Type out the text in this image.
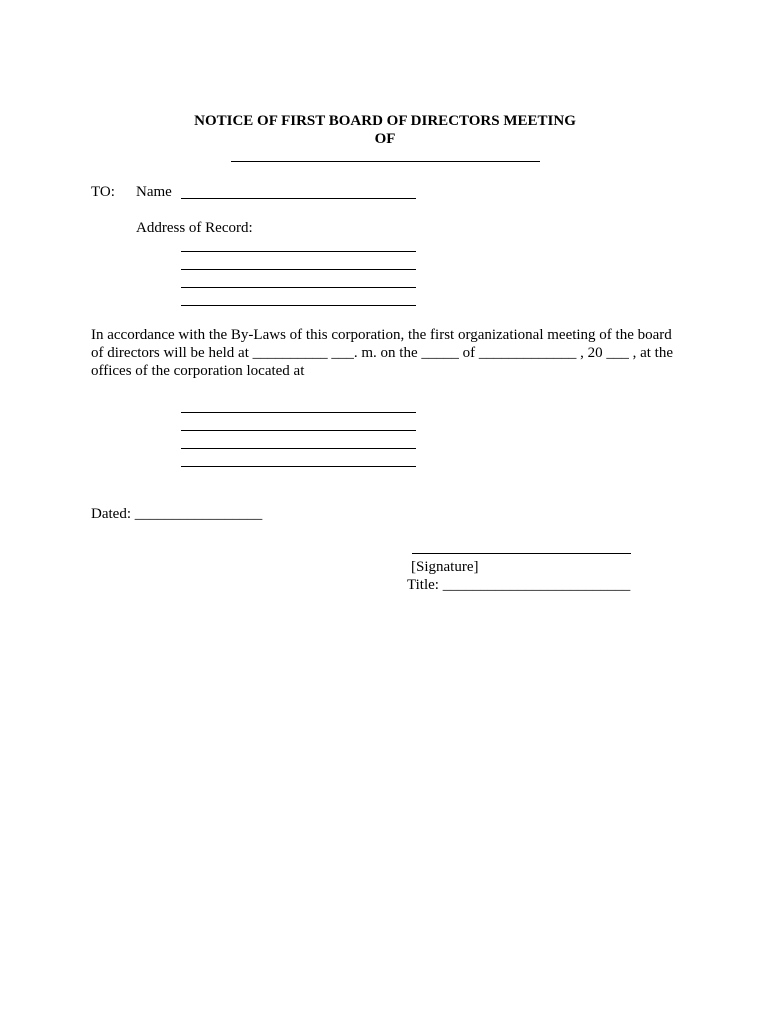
NOTICE OF FIRST BOARD OF DIRECTORS MEETING
OF
TO: Name
Address of Record:
In accordance with the By-Laws of this corporation, the first organizational meeting of the board
of directors will be held at __________ ___. m. on the _____ of _____________ , 20 ___ , at the
offices of the corporation located at
Dated: _________________
[Signature]
Title: _________________________
